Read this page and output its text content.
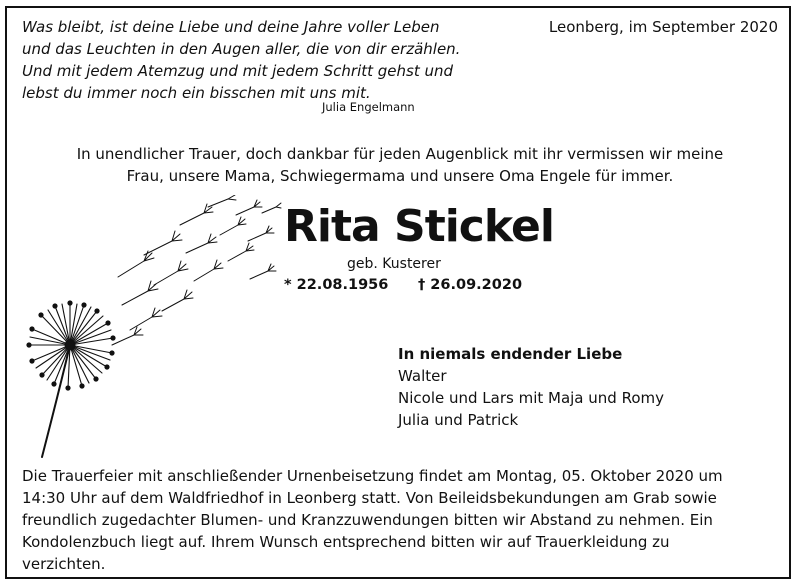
Was bleibt, ist deine Liebe und deine Jahre voller Leben
und das Leuchten in den Augen aller, die von dir erzählen.
Und mit jedem Atemzug und mit jedem Schritt gehst und
lebst du immer noch ein bisschen mit uns mit.
Julia Engelmann
Leonberg, im September 2020
In unendlicher Trauer, doch dankbar für jeden Augenblick mit ihr vermissen wir meine
Frau, unsere Mama, Schwiegermama und unsere Oma Engele für immer.
Rita Stickel
geb. Kusterer
* 22.08.1956 † 26.09.2020
In niemals endender Liebe
Walter
Nicole und Lars mit Maja und Romy
Julia und Patrick
Die Trauerfeier mit anschließender Urnenbeisetzung findet am Montag, 05. Oktober 2020 um
14:30 Uhr auf dem Waldfriedhof in Leonberg statt. Von Beileidsbekundungen am Grab sowie
freundlich zugedachter Blumen- und Kranzzuwendungen bitten wir Abstand zu nehmen. Ein
Kondolenzbuch liegt auf. Ihrem Wunsch entsprechend bitten wir auf Trauerkleidung zu
verzichten.
